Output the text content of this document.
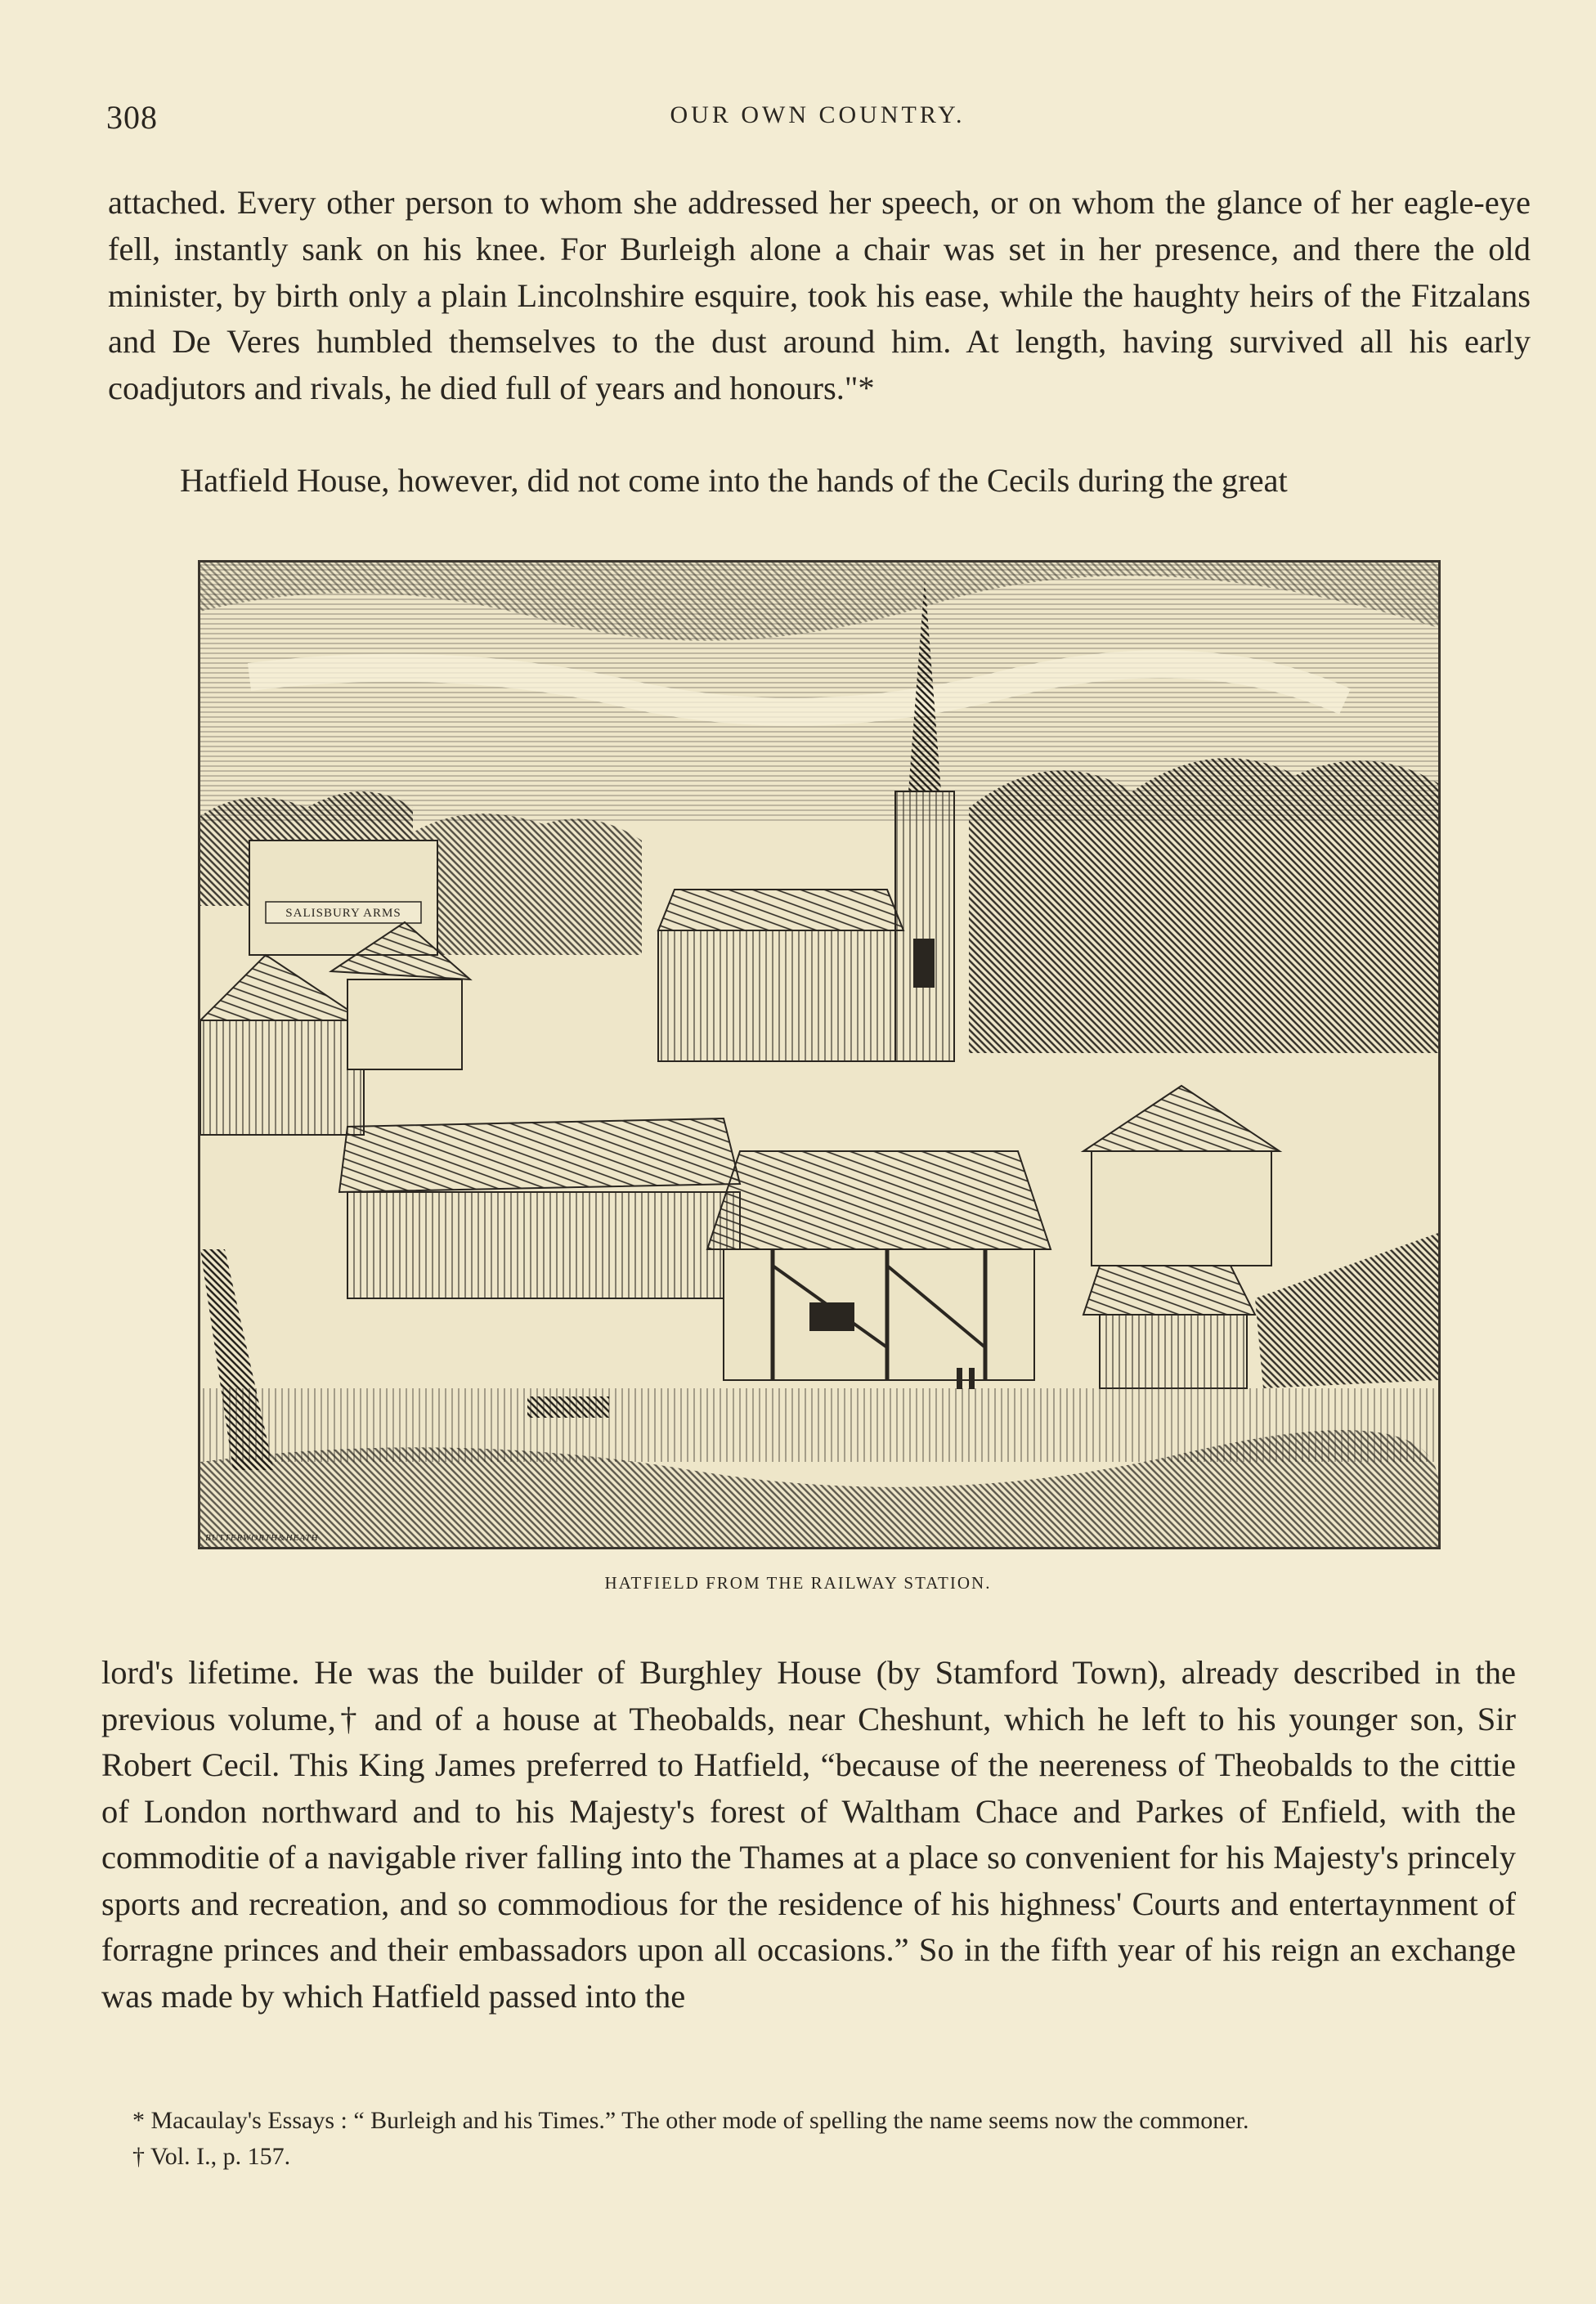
308	OUR OWN COUNTRY.

attached. Every other person to whom she addressed her speech, or on whom the glance of her eagle-eye fell, instantly sank on his knee. For Burleigh alone a chair was set in her presence, and there the old minister, by birth only a plain Lincolnshire esquire, took his ease, while the haughty heirs of the Fitzalans and De Veres humbled themselves to the dust around him. At length, having survived all his early coadjutors and rivals, he died full of years and honours."*

Hatfield House, however, did not come into the hands of the Cecils during the great

SALISBURY ARMS
BUTTERWORTH&HEATH
HATFIELD FROM THE RAILWAY STATION.

lord's lifetime. He was the builder of Burghley House (by Stamford Town), already described in the previous volume,† and of a house at Theobalds, near Cheshunt, which he left to his younger son, Sir Robert Cecil. This King James preferred to Hatfield, “because of the neereness of Theobalds to the cittie of London northward and to his Majesty's forest of Waltham Chace and Parkes of Enfield, with the commoditie of a navigable river falling into the Thames at a place so convenient for his Majesty's princely sports and recreation, and so commodious for the residence of his highness' Courts and entertaynment of forragne princes and their embassadors upon all occasions.” So in the fifth year of his reign an exchange was made by which Hatfield passed into the

* Macaulay's Essays : “ Burleigh and his Times.” The other mode of spelling the name seems now the commoner.

† Vol. I., p. 157.
